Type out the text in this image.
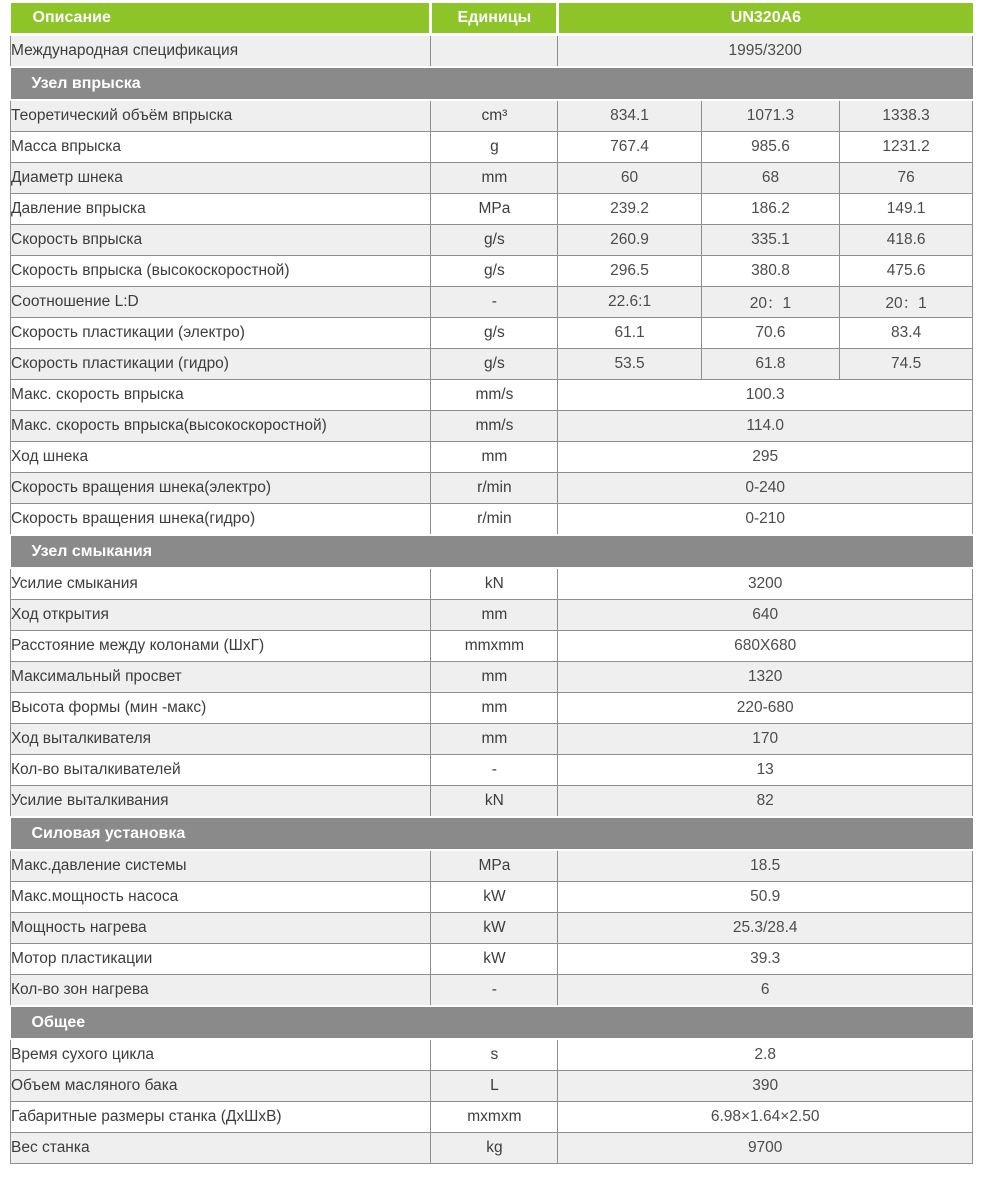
Описание	Единицы	UN320A6		
Международная спецификация		1995/3200		
Узел впрыска				
Теоретический объём впрыска	cm³	834.1	1071.3	1338.3
Масса впрыска	g	767.4	985.6	1231.2
Диаметр шнека	mm	60	68	76
Давление впрыска	MPa	239.2	186.2	149.1
Скорость впрыска	g/s	260.9	335.1	418.6
Скорость впрыска (высокоскоростной)	g/s	296.5	380.8	475.6
Соотношение L:D	-	22.6:1	20：1	20：1
Скорость пластикации (электро)	g/s	61.1	70.6	83.4
Скорость пластикации (гидро)	g/s	53.5	61.8	74.5
Макс. скорость впрыска	mm/s	100.3		
Макс. скорость впрыска(высокоскоростной)	mm/s	114.0		
Ход шнека	mm	295		
Скорость вращения шнека(электро)	r/min	0-240		
Скорость вращения шнека(гидро)	r/min	0-210		
Узел смыкания				
Усилие смыкания	kN	3200		
Ход открытия	mm	640		
Расстояние между колонами (ШхГ)	mmxmm	680X680		
Максимальный просвет	mm	1320		
Высота формы (мин -макс)	mm	220-680		
Ход выталкивателя	mm	170		
Кол-во выталкивателей	-	13		
Усилие выталкивания	kN	82		
Силовая установка				
Макс.давление системы	MPa	18.5		
Макс.мощность насоса	kW	50.9		
Мощность нагрева	kW	25.3/28.4		
Мотор пластикации	kW	39.3		
Кол-во зон нагрева	-	6		
Общее				
Время сухого цикла	s	2.8		
Объем масляного бака	L	390		
Габаритные размеры станка (ДхШхВ)	mxmxm	6.98×1.64×2.50		
Вес станка	kg	9700		
